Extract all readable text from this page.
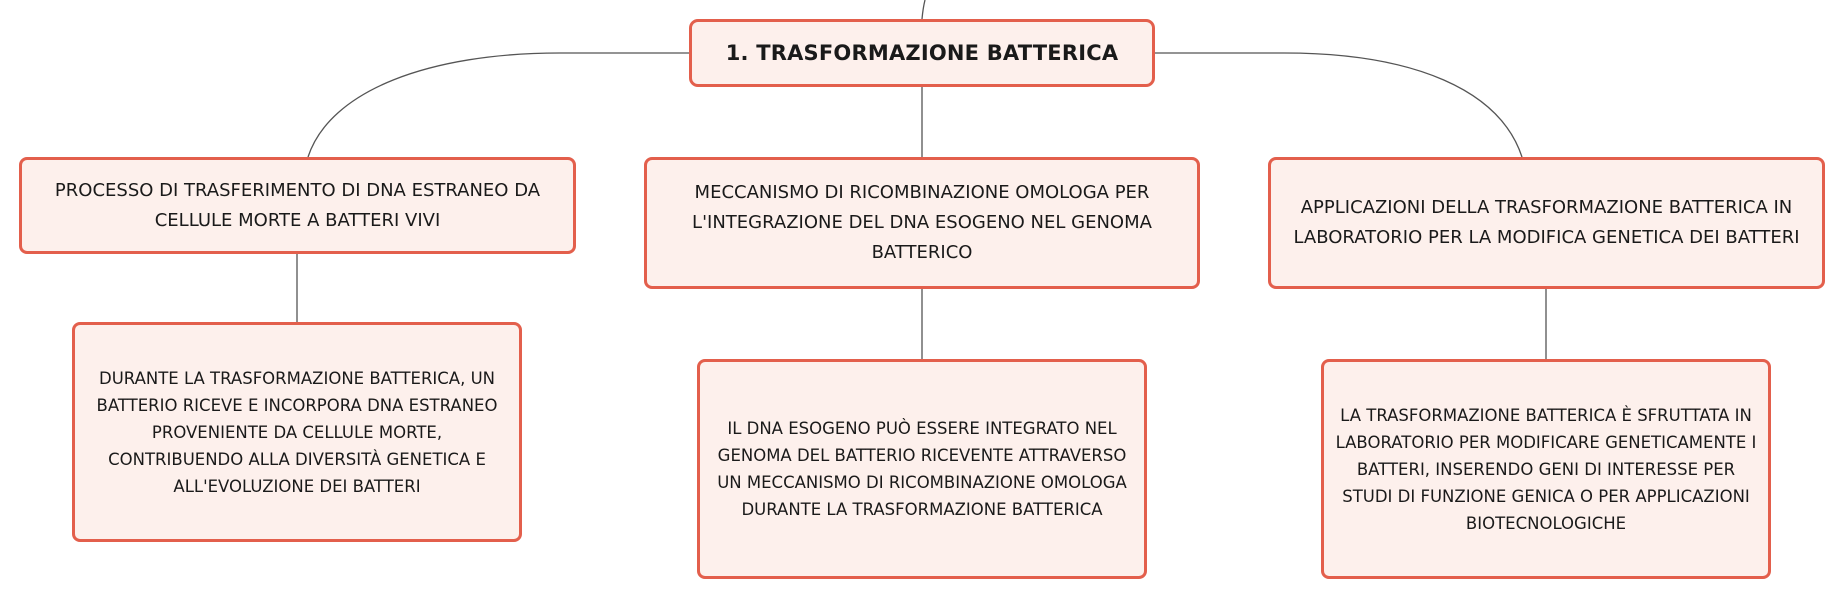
1. TRASFORMAZIONE BATTERICA
PROCESSO DI TRASFERIMENTO DI DNA ESTRANEO DA CELLULE MORTE A BATTERI VIVI
MECCANISMO DI RICOMBINAZIONE OMOLOGA PER L'INTEGRAZIONE DEL DNA ESOGENO NEL GENOMA BATTERICO
APPLICAZIONI DELLA TRASFORMAZIONE BATTERICA IN LABORATORIO PER LA MODIFICA GENETICA DEI BATTERI
DURANTE LA TRASFORMAZIONE BATTERICA, UN BATTERIO RICEVE E INCORPORA DNA ESTRANEO PROVENIENTE DA CELLULE MORTE, CONTRIBUENDO ALLA DIVERSITÀ GENETICA E ALL'EVOLUZIONE DEI BATTERI
IL DNA ESOGENO PUÒ ESSERE INTEGRATO NEL GENOMA DEL BATTERIO RICEVENTE ATTRAVERSO UN MECCANISMO DI RICOMBINAZIONE OMOLOGA DURANTE LA TRASFORMAZIONE BATTERICA
LA TRASFORMAZIONE BATTERICA È SFRUTTATA IN LABORATORIO PER MODIFICARE GENETICAMENTE I BATTERI, INSERENDO GENI DI INTERESSE PER STUDI DI FUNZIONE GENICA O PER APPLICAZIONI BIOTECNOLOGICHE
